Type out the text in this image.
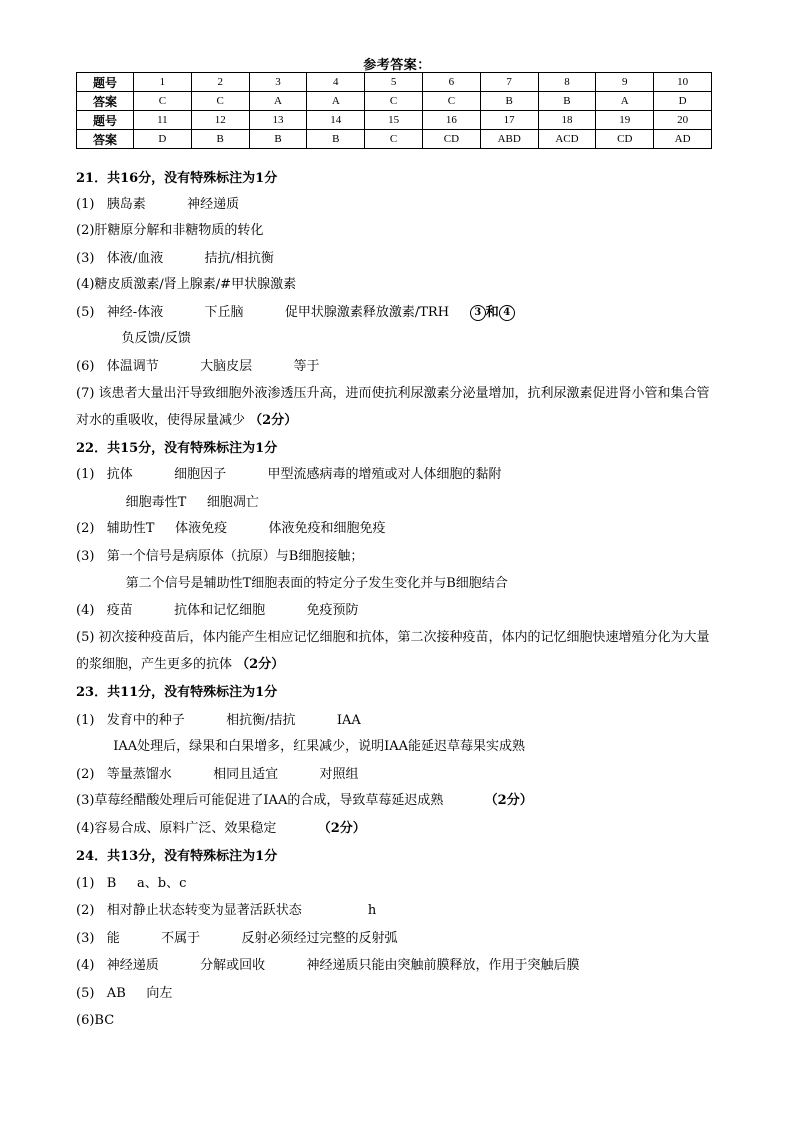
参考答案：
题号	1	2	3	4	5	6	7	8	9	10
答案	C	C	A	A	C	C	B	B	A	D
题号	11	12	13	14	15	16	17	18	19	20
答案	D	B	B	B	C	CD	ABD	ACD	CD	AD
21．共16分，没有特殊标注为1分
(1)   胰岛素          神经递质
(2)肝糖原分解和非糖物质的转化
(3)   体液/血液          拮抗/相抗衡
(4)糖皮质激素/肾上腺素/#甲状腺激素
(5)   神经-体液          下丘脑          促甲状腺激素释放激素/TRH     3 和 4
负反馈/反馈
(6)   体温调节          大脑皮层          等于
(7) 该患者大量出汗导致细胞外液渗透压升高，进而使抗利尿激素分泌量增加，抗利尿激素促进肾小管和集合管对水的重吸收，使得尿量减少 （2分）
22．共15分，没有特殊标注为1分
(1)   抗体          细胞因子          甲型流感病毒的增殖或对人体细胞的黏附
细胞毒性T     细胞凋亡
(2)   辅助性T     体液免疫          体液免疫和细胞免疫
(3)   第一个信号是病原体（抗原）与B细胞接触；
第二个信号是辅助性T细胞表面的特定分子发生变化并与B细胞结合
(4)   疫苗          抗体和记忆细胞          免疫预防
(5) 初次接种疫苗后，体内能产生相应记忆细胞和抗体，第二次接种疫苗，体内的记忆细胞快速增殖分化为大量的浆细胞，产生更多的抗体 （2分）
23．共11分，没有特殊标注为1分
(1)   发育中的种子          相抗衡/拮抗          IAA
IAA处理后，绿果和白果增多，红果减少，说明IAA能延迟草莓果实成熟
(2)   等量蒸馏水          相同且适宜          对照组
(3)草莓经醋酸处理后可能促进了IAA的合成，导致草莓延迟成熟          （2分）
(4)容易合成、原料广泛、效果稳定          （2分）
24．共13分，没有特殊标注为1分
(1)   B     a、b、c
(2)   相对静止状态转变为显著活跃状态                h
(3)   能          不属于          反射必须经过完整的反射弧
(4)   神经递质          分解或回收          神经递质只能由突触前膜释放，作用于突触后膜
(5)   AB     向左
(6)BC
